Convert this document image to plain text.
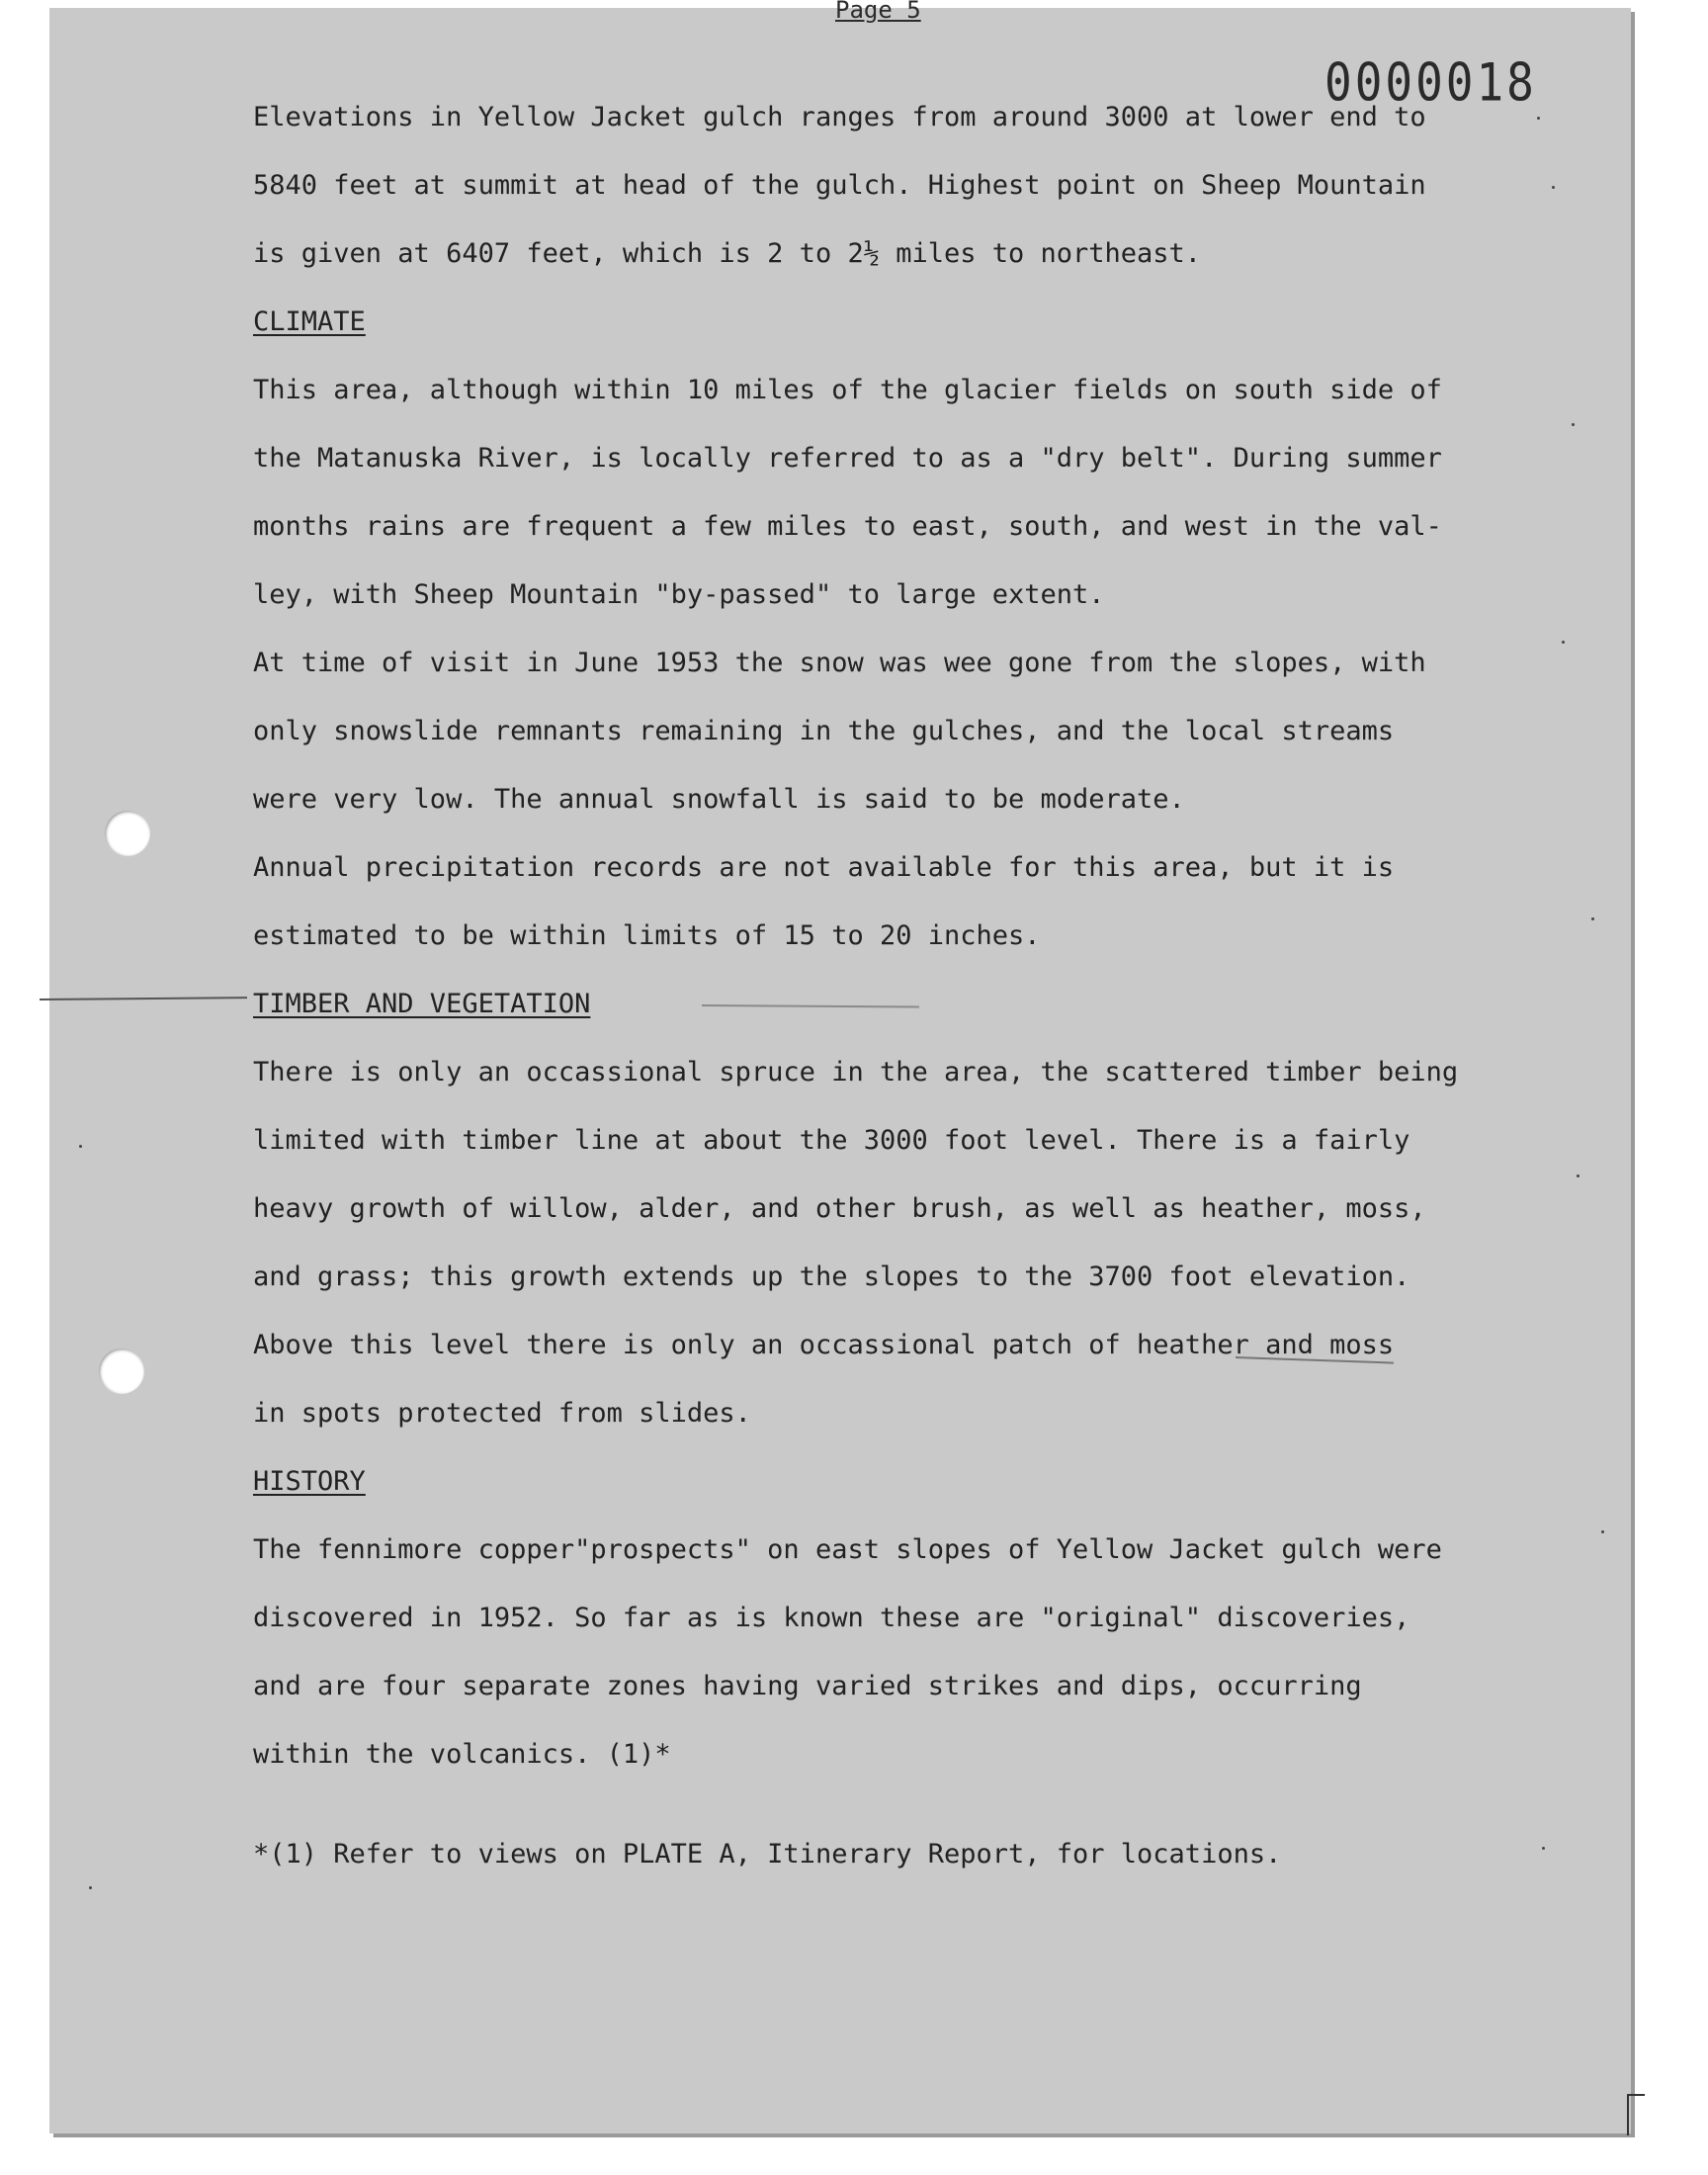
Page 5

0000018

Elevations in Yellow Jacket gulch ranges from around 3000 at lower end to

5840 feet at summit at head of the gulch. Highest point on Sheep Mountain

is given at 6407 feet, which is 2 to 2½ miles to northeast.

CLIMATE

This area, although within 10 miles of the glacier fields on south side of

the Matanuska River, is locally referred to as a "dry belt". During summer

months rains are frequent a few miles to east, south, and west in the val-

ley, with Sheep Mountain "by-passed" to large extent.

At time of visit in June 1953 the snow was wee gone from the slopes, with

only snowslide remnants remaining in the gulches, and the local streams

were very low. The annual snowfall is said to be moderate.

Annual precipitation records are not available for this area, but it is

estimated to be within limits of 15 to 20 inches.

TIMBER AND VEGETATION

There is only an occassional spruce in the area, the scattered timber being

limited with timber line at about the 3000 foot level. There is a fairly

heavy growth of willow, alder, and other brush, as well as heather, moss,

and grass; this growth extends up the slopes to the 3700 foot elevation.

Above this level there is only an occassional patch of heather and moss

in spots protected from slides.

HISTORY

The fennimore copper"prospects" on east slopes of Yellow Jacket gulch were

discovered in 1952. So far as is known these are "original" discoveries,

and are four separate zones having varied strikes and dips, occurring

within the volcanics. (1)*

*(1) Refer to views on PLATE A, Itinerary Report, for locations.
